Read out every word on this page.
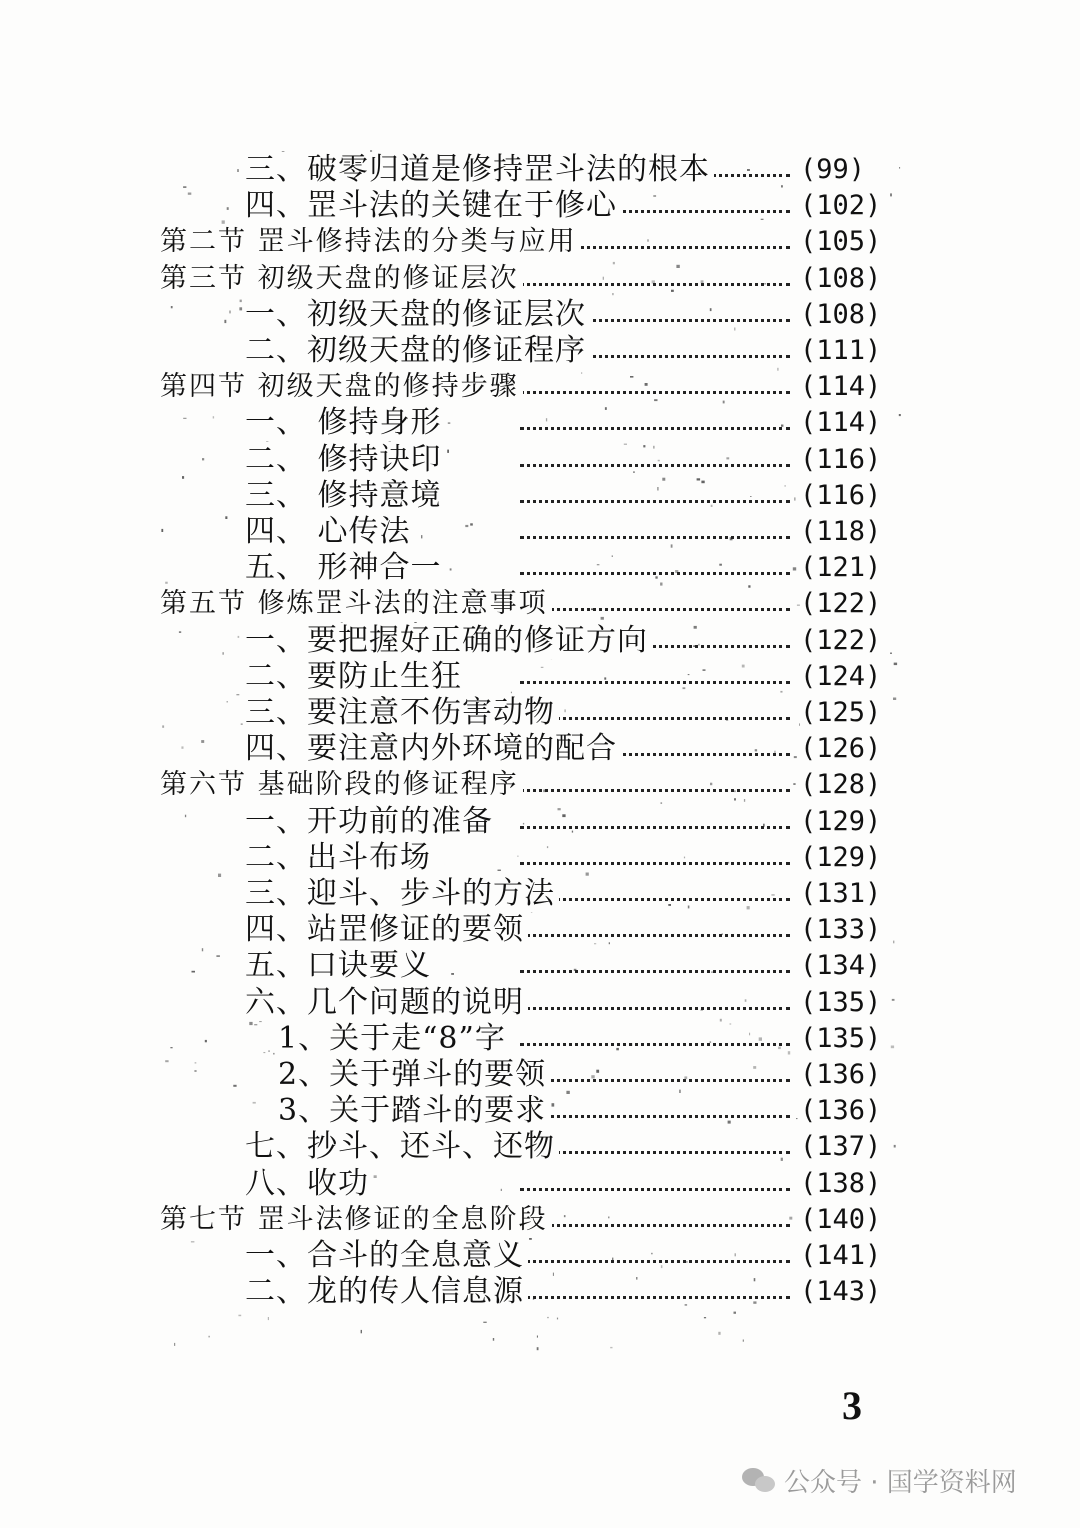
三、破零归道是修持罡斗法的根本	(99)
四、罡斗法的关键在于修心	(102)
第二节 罡斗修持法的分类与应用	(105)
第三节 初级天盘的修证层次	(108)
一、初级天盘的修证层次	(108)
二、初级天盘的修证程序	(111)
第四节 初级天盘的修持步骤	(114)
一、 修持身形	(114)
二、 修持诀印	(116)
三、 修持意境	(116)
四、 心传法	(118)
五、 形神合一	(121)
第五节 修炼罡斗法的注意事项	(122)
一、要把握好正确的修证方向	(122)
二、要防止生狂	(124)
三、要注意不伤害动物	(125)
四、要注意内外环境的配合	(126)
第六节 基础阶段的修证程序	(128)
一、开功前的准备	(129)
二、出斗布场	(129)
三、迎斗、步斗的方法	(131)
四、站罡修证的要领	(133)
五、口诀要义	(134)
六、几个问题的说明	(135)
1、关于走“8”字	(135)
2、关于弹斗的要领	(136)
3、关于踏斗的要求	(136)
七、抄斗、还斗、还物	(137)
八、收功	(138)
第七节 罡斗法修证的全息阶段	(140)
一、合斗的全息意义	(141)
二、龙的传人信息源	(143)
3
公众号 · 国学资料网
